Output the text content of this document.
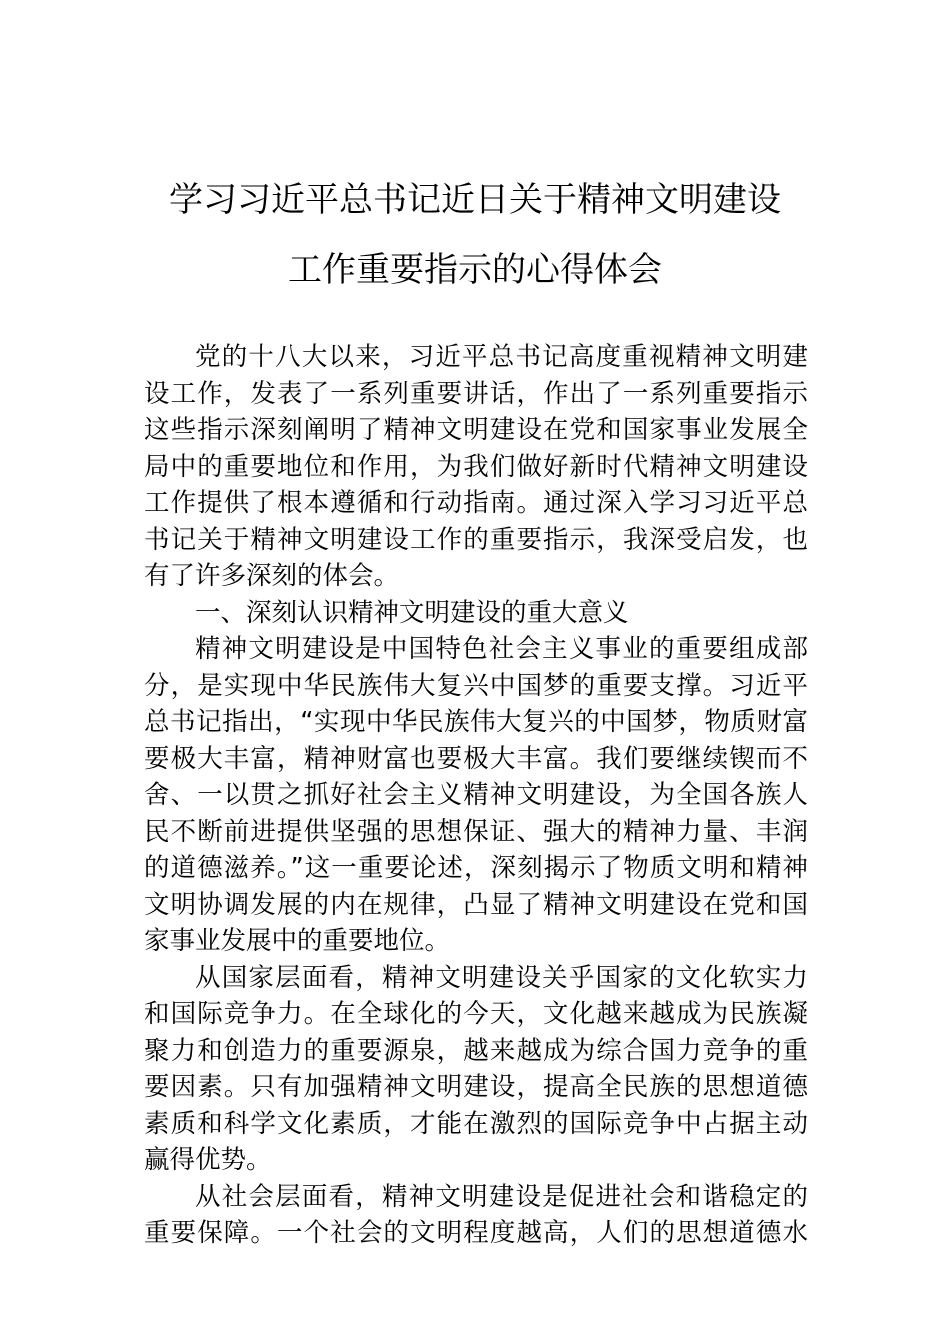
学习习近平总书记近日关于精神文明建设
工作重要指示的心得体会
党的十八大以来，习近平总书记高度重视精神文明建
设工作，发表了一系列重要讲话，作出了一系列重要指示
这些指示深刻阐明了精神文明建设在党和国家事业发展全
局中的重要地位和作用，为我们做好新时代精神文明建设
工作提供了根本遵循和行动指南。通过深入学习习近平总
书记关于精神文明建设工作的重要指示，我深受启发，也
有了许多深刻的体会。
一、深刻认识精神文明建设的重大意义
精神文明建设是中国特色社会主义事业的重要组成部
分，是实现中华民族伟大复兴中国梦的重要支撑。习近平
总书记指出，“实现中华民族伟大复兴的中国梦，物质财富
要极大丰富，精神财富也要极大丰富。我们要继续锲而不
舍、一以贯之抓好社会主义精神文明建设，为全国各族人
民不断前进提供坚强的思想保证、强大的精神力量、丰润
的道德滋养。”这一重要论述，深刻揭示了物质文明和精神
文明协调发展的内在规律，凸显了精神文明建设在党和国
家事业发展中的重要地位。
从国家层面看，精神文明建设关乎国家的文化软实力
和国际竞争力。在全球化的今天，文化越来越成为民族凝
聚力和创造力的重要源泉，越来越成为综合国力竞争的重
要因素。只有加强精神文明建设，提高全民族的思想道德
素质和科学文化素质，才能在激烈的国际竞争中占据主动
赢得优势。
从社会层面看，精神文明建设是促进社会和谐稳定的
重要保障。一个社会的文明程度越高，人们的思想道德水
